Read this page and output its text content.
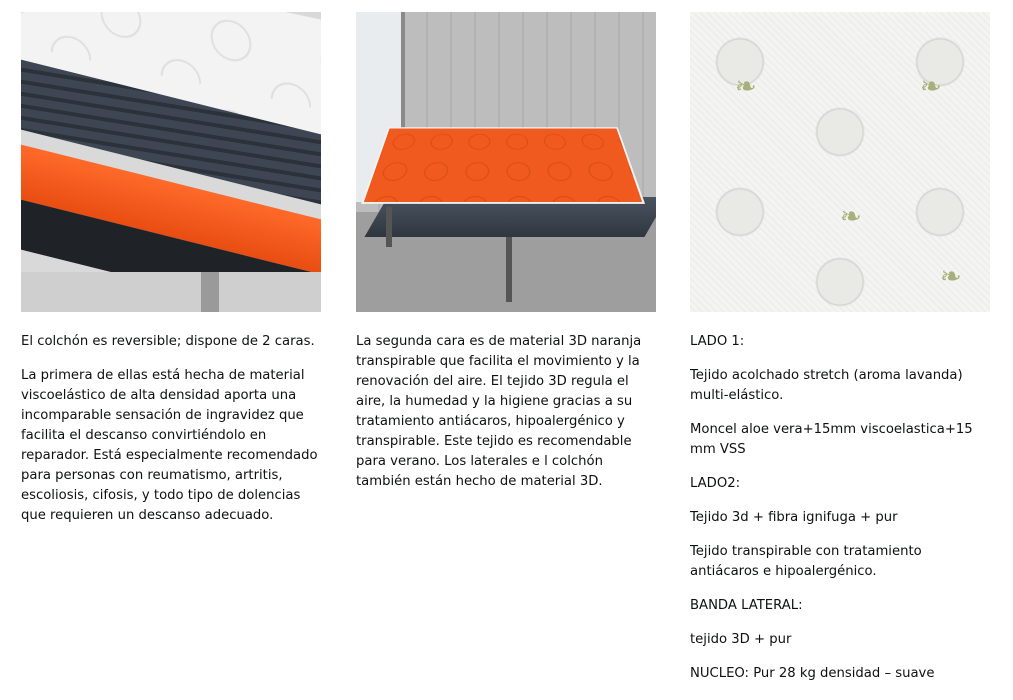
El colchón es reversible; dispone de 2 caras.

La primera de ellas está hecha de material viscoelástico de alta densidad aporta una incomparable sensación de ingravidez que facilita el descanso convirtiéndolo en reparador. Está especialmente recomendado para personas con reumatismo, artritis, escoliosis, cifosis, y todo tipo de dolencias que requieren un descanso adecuado.

La segunda cara es de material 3D naranja transpirable que facilita el movimiento y la renovación del aire. El tejido 3D regula el aire, la humedad y la higiene gracias a su tratamiento antiácaros, hipoalergénico y transpirable. Este tejido es recomendable para verano. Los laterales e l colchón también están hecho de material 3D.

❧
❧
❧
❧

LADO 1:

Tejido acolchado stretch (aroma lavanda) multi-elástico.

Moncel aloe vera+15mm viscoelastica+15 mm VSS

LADO2:

Tejido 3d + fibra ignifuga + pur

Tejido transpirable con tratamiento antiácaros e hipoalergénico.

BANDA LATERAL:

tejido 3D + pur

NUCLEO: Pur 28 kg densidad – suave
